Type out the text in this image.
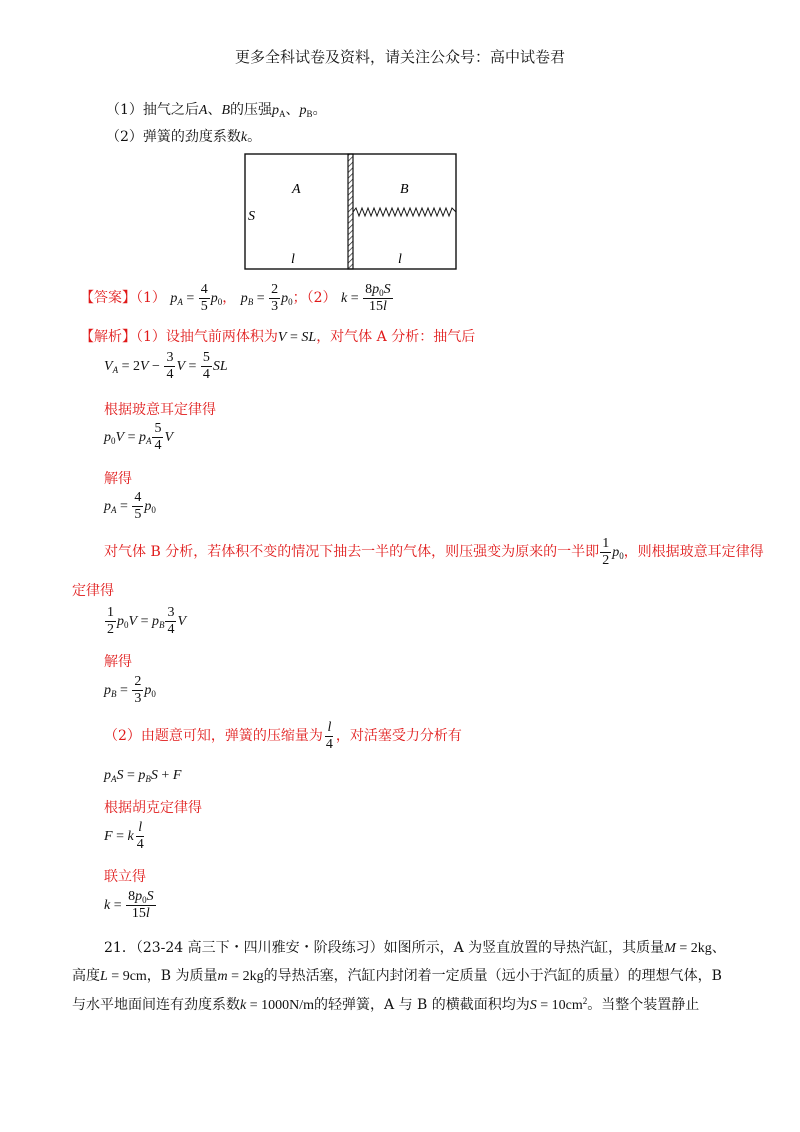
更多全科试卷及资料，请关注公众号：高中试卷君
（1）抽气之后A、B的压强$p_A$、$p_B$。
（2）弹簧的劲度系数k。
A	B
S
l	l
【答案】（1） $p_A = \frac{4}{5} p_0$， $p_B = \frac{2}{3} p_0$；（2） $k = \frac{8p_0S}{15l}$
【解析】（1）设抽气前两体积为V = SL，对气体 A 分析：抽气后
$V_A = 2V - \frac{3}{4}$ $V = \frac{5}{4}$ SL
根据玻意耳定律得
$p_0V = p_A \frac{5}{4}$ V
解得
$p_A = \frac{4}{5} p_0$
对气体 B 分析，若体积不变的情况下抽去一半的气体，则压强变为原来的一半即 $\frac{1}{2} p_0$，则根据玻意耳定律得
定律得
$\frac{1}{2} p_0V = p_B \frac{3}{4}$ V
解得
$p_B = \frac{2}{3} p_0$
（2）由题意可知，弹簧的压缩量为 $\frac{l}{4}$ ，对活塞受力分析有
$p_AS = p_BS + F$
根据胡克定律得
F = k $\frac{l}{4}$
联立得
$k = \frac{8p_0S}{15l}$
21．（23-24 高三下・四川雅安・阶段练习）如图所示，A 为竖直放置的导热汽缸，其质量M = 2kg、
高度L = 9cm，B 为质量m = 2kg的导热活塞，汽缸内封闭着一定质量（远小于汽缸的质量）的理想气体，B
与水平地面间连有劲度系数k = 1000N/m的轻弹簧，A 与 B 的横截面积均为$S = 10cm^2$。当整个装置静止
